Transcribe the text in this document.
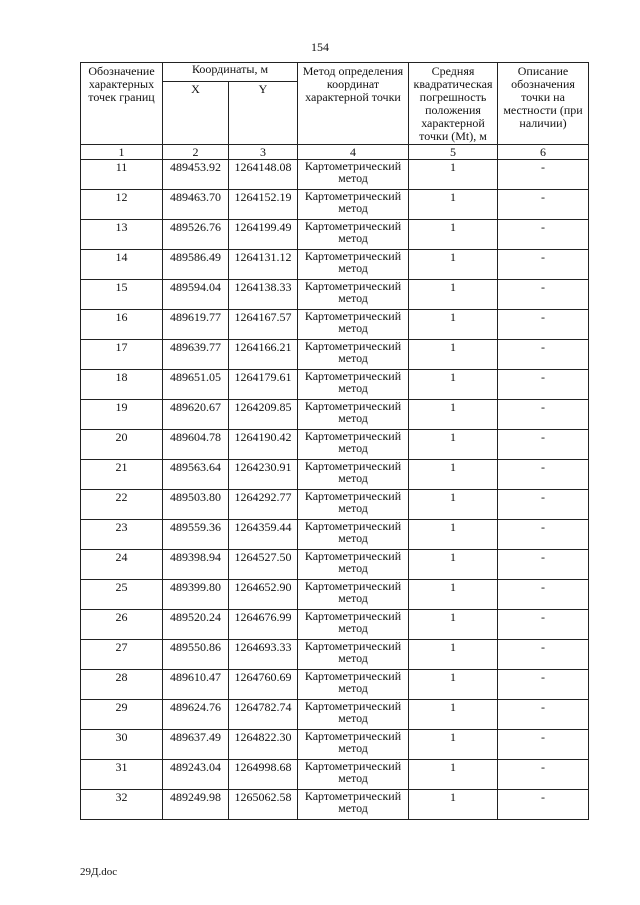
154
Обозначение характерных точек границ	Координаты, м		Метод определения координат характерной точки	Средняя квадратическая погрешность положения характерной точки (Mt), м	Описание обозначения точки на местности (при наличии)
	X	Y			
1	2	3	4	5	6
11	489453.92	1264148.08	Картометрический метод	1	-
12	489463.70	1264152.19	Картометрический метод	1	-
13	489526.76	1264199.49	Картометрический метод	1	-
14	489586.49	1264131.12	Картометрический метод	1	-
15	489594.04	1264138.33	Картометрический метод	1	-
16	489619.77	1264167.57	Картометрический метод	1	-
17	489639.77	1264166.21	Картометрический метод	1	-
18	489651.05	1264179.61	Картометрический метод	1	-
19	489620.67	1264209.85	Картометрический метод	1	-
20	489604.78	1264190.42	Картометрический метод	1	-
21	489563.64	1264230.91	Картометрический метод	1	-
22	489503.80	1264292.77	Картометрический метод	1	-
23	489559.36	1264359.44	Картометрический метод	1	-
24	489398.94	1264527.50	Картометрический метод	1	-
25	489399.80	1264652.90	Картометрический метод	1	-
26	489520.24	1264676.99	Картометрический метод	1	-
27	489550.86	1264693.33	Картометрический метод	1	-
28	489610.47	1264760.69	Картометрический метод	1	-
29	489624.76	1264782.74	Картометрический метод	1	-
30	489637.49	1264822.30	Картометрический метод	1	-
31	489243.04	1264998.68	Картометрический метод	1	-
32	489249.98	1265062.58	Картометрический метод	1	-
29Д.doc
